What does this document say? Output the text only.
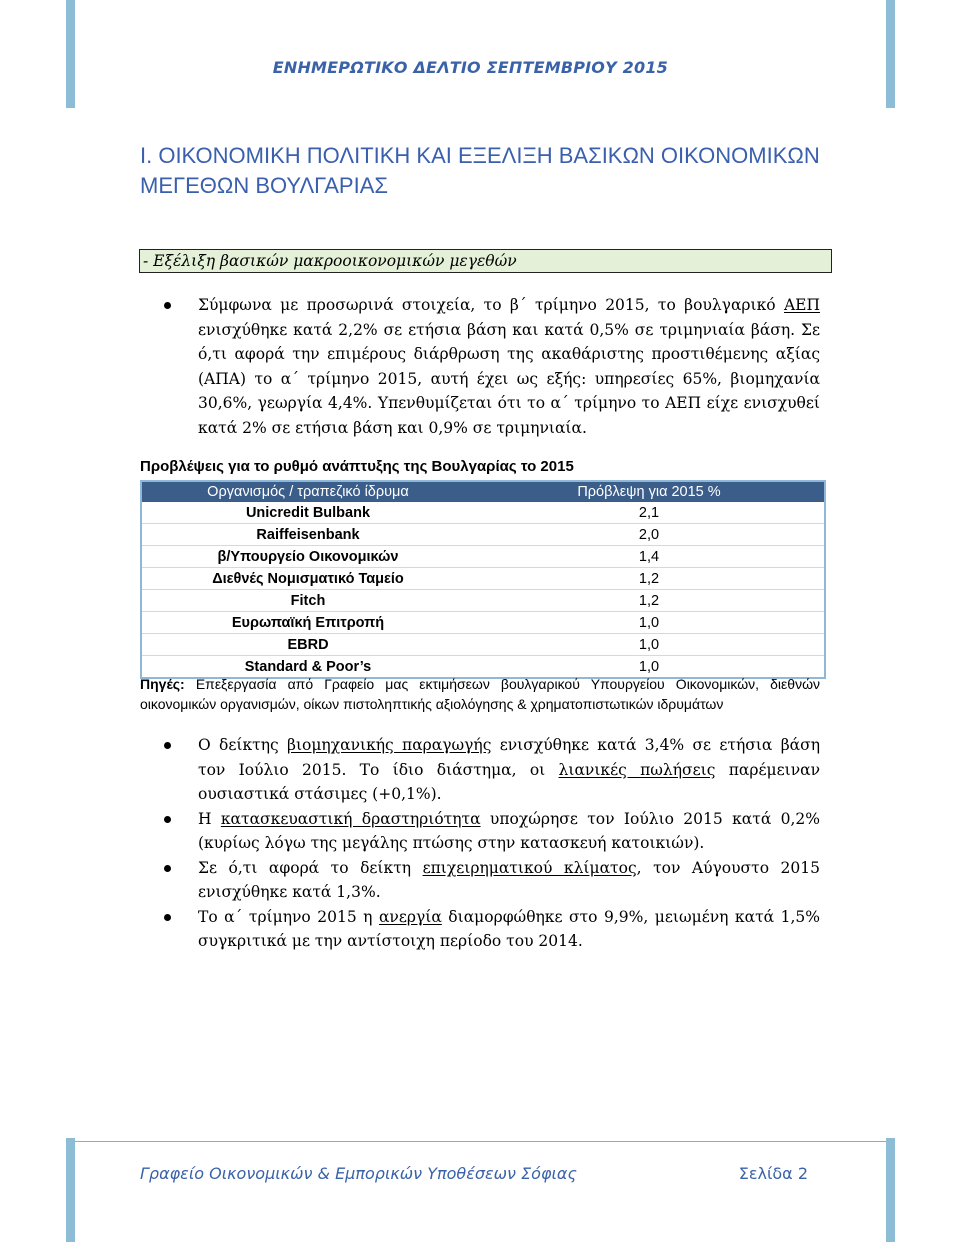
ΕΝΗΜΕΡΩΤΙΚΟ ΔΕΛΤΙΟ ΣΕΠΤΕΜΒΡΙΟΥ 2015
Ι. ΟΙΚΟΝΟΜΙΚΗ ΠΟΛΙΤΙΚΗ ΚΑΙ ΕΞΕΛΙΞΗ ΒΑΣΙΚΩΝ ΟΙΚΟΝΟΜΙΚΩΝ ΜΕΓΕΘΩΝ ΒΟΥΛΓΑΡΙΑΣ
- Εξέλιξη βασικών μακροοικονομικών μεγεθών
Σύμφωνα με προσωρινά στοιχεία, το β΄ τρίμηνο 2015, το βουλγαρικό ΑΕΠ ενισχύθηκε κατά 2,2% σε ετήσια βάση και κατά 0,5% σε τριμηνιαία βάση. Σε ό,τι αφορά την επιμέρους διάρθρωση της ακαθάριστης προστιθέμενης αξίας (ΑΠΑ) το α΄ τρίμηνο 2015, αυτή έχει ως εξής: υπηρεσίες 65%, βιομηχανία 30,6%, γεωργία 4,4%. Υπενθυμίζεται ότι το α΄ τρίμηνο το ΑΕΠ είχε ενισχυθεί κατά 2% σε ετήσια βάση και 0,9% σε τριμηνιαία.
Προβλέψεις για το ρυθμό ανάπτυξης της Βουλγαρίας το 2015
Οργανισμός / τραπεζικό ίδρυμα	Πρόβλεψη για 2015 %
Unicredit Bulbank	2,1
Raiffeisenbank	2,0
β/Υπουργείο Οικονομικών	1,4
Διεθνές Νομισματικό Ταμείο	1,2
Fitch	1,2
Ευρωπαϊκή Επιτροπή	1,0
EBRD	1,0
Standard & Poor’s	1,0
Πηγές: Επεξεργασία από Γραφείο μας εκτιμήσεων βουλγαρικού Υπουργείου Οικονομικών, διεθνών οικονομικών οργανισμών, οίκων πιστοληπτικής αξιολόγησης & χρηματοπιστωτικών ιδρυμάτων
Ο δείκτης βιομηχανικής παραγωγής ενισχύθηκε κατά 3,4% σε ετήσια βάση τον Ιούλιο 2015. Το ίδιο διάστημα, οι λιανικές πωλήσεις παρέμειναν ουσιαστικά στάσιμες (+0,1%).
Η κατασκευαστική δραστηριότητα υποχώρησε τον Ιούλιο 2015 κατά 0,2% (κυρίως λόγω της μεγάλης πτώσης στην κατασκευή κατοικιών).
Σε ό,τι αφορά το δείκτη επιχειρηματικού κλίματος, τον Αύγουστο 2015 ενισχύθηκε κατά 1,3%.
Το α΄ τρίμηνο 2015 η ανεργία διαμορφώθηκε στο 9,9%, μειωμένη κατά 1,5% συγκριτικά με την αντίστοιχη περίοδο του 2014.
Γραφείο Οικονομικών & Εμπορικών Υποθέσεων Σόφιας	Σελίδα 2
